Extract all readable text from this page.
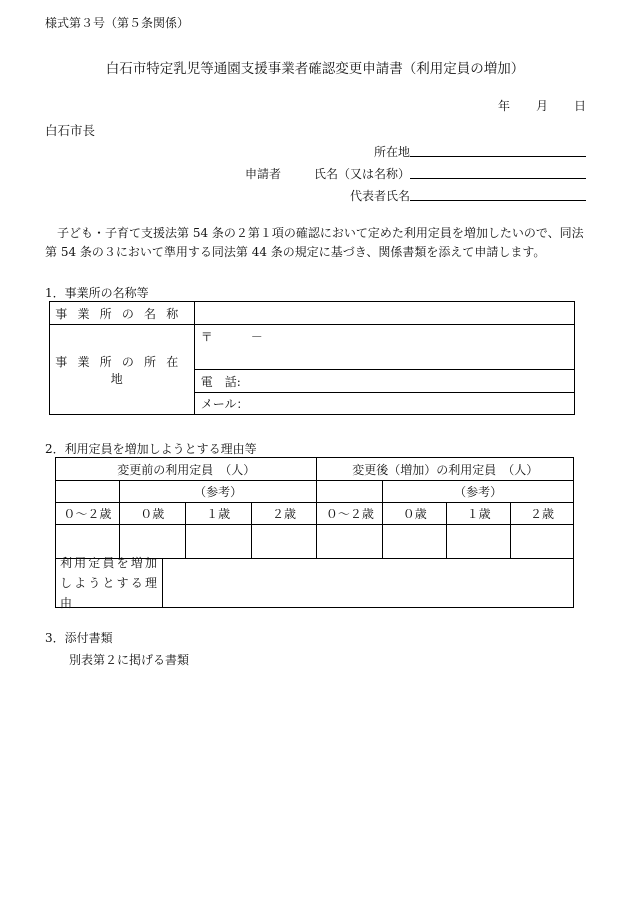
様式第３号（第５条関係）
白石市特定乳児等通園支援事業者確認変更申請書（利用定員の増加）
年 月 日
白石市長
所在地
申請者	氏名（又は名称）
代表者氏名
子ども・子育て支援法第 54 条の２第１項の確認において定めた利用定員を増加したいので、同法第 54 条の３において準用する同法第 44 条の規定に基づき、関係書類を添えて申請します。
1．事業所の名称等
事業所の名称	
事業所の所在地	〒 －
	電　話:
	メール：
2．利用定員を増加しようとする理由等
変更前の利用定員　（人）				変更後（増加）の利用定員　（人）			
	（参考）				（参考）		
０～２歳	０歳	１歳	２歳	０～２歳	０歳	１歳	２歳

利用定員を増加
しようとする理由							
3．添付書類
別表第２に掲げる書類
